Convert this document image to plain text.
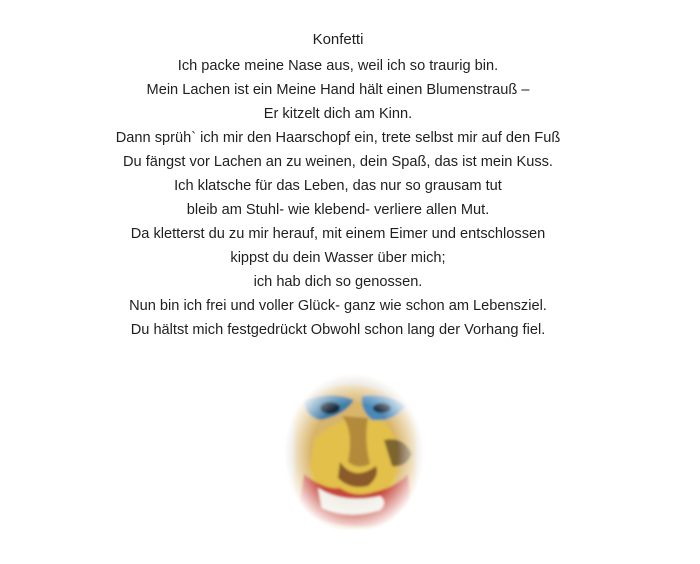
Konfetti
Ich packe meine Nase aus, weil ich so traurig bin.
Mein Lachen ist ein Meine Hand hält einen Blumenstrauß –
Er kitzelt dich am Kinn.
Dann sprüh` ich mir den Haarschopf ein, trete selbst mir auf den Fuß
Du fängst vor Lachen an zu weinen, dein Spaß, das ist mein Kuss.
Ich klatsche für das Leben, das nur so grausam tut
bleib am Stuhl- wie klebend- verliere allen Mut.
Da kletterst du zu mir herauf, mit einem Eimer und entschlossen
kippst du dein Wasser über mich;
ich hab dich so genossen.
Nun bin ich frei und voller Glück- ganz wie schon am Lebensziel.
Du hältst mich festgedrückt Obwohl schon lang der Vorhang fiel.
